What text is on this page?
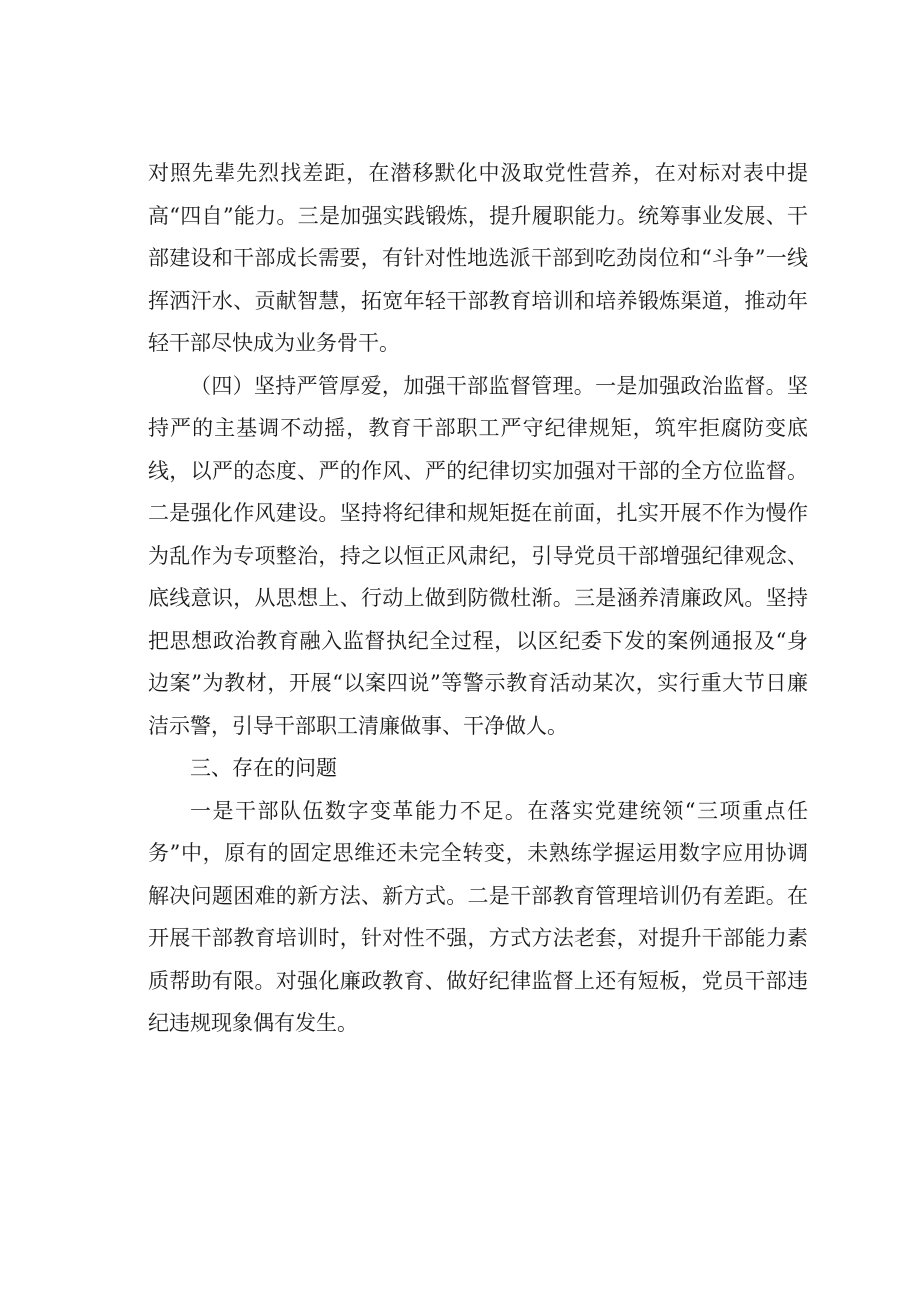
对照先辈先烈找差距，在潜移默化中汲取党性营养，在对标对表中提高“四自”能力。三是加强实践锻炼，提升履职能力。统筹事业发展、干部建设和干部成长需要，有针对性地选派干部到吃劲岗位和“斗争”一线挥洒汗水、贡献智慧，拓宽年轻干部教育培训和培养锻炼渠道，推动年轻干部尽快成为业务骨干。

（四）坚持严管厚爱，加强干部监督管理。一是加强政治监督。坚持严的主基调不动摇，教育干部职工严守纪律规矩，筑牢拒腐防变底线，以严的态度、严的作风、严的纪律切实加强对干部的全方位监督。二是强化作风建设。坚持将纪律和规矩挺在前面，扎实开展不作为慢作为乱作为专项整治，持之以恒正风肃纪，引导党员干部增强纪律观念、底线意识，从思想上、行动上做到防微杜渐。三是涵养清廉政风。坚持把思想政治教育融入监督执纪全过程，以区纪委下发的案例通报及“身边案”为教材，开展“以案四说”等警示教育活动某次，实行重大节日廉洁示警，引导干部职工清廉做事、干净做人。

三、存在的问题

一是干部队伍数字变革能力不足。在落实党建统领“三项重点任务”中，原有的固定思维还未完全转变，未熟练学握运用数字应用协调解决问题困难的新方法、新方式。二是干部教育管理培训仍有差距。在开展干部教育培训时，针对性不强，方式方法老套，对提升干部能力素质帮助有限。对强化廉政教育、做好纪律监督上还有短板，党员干部违纪违规现象偶有发生。
